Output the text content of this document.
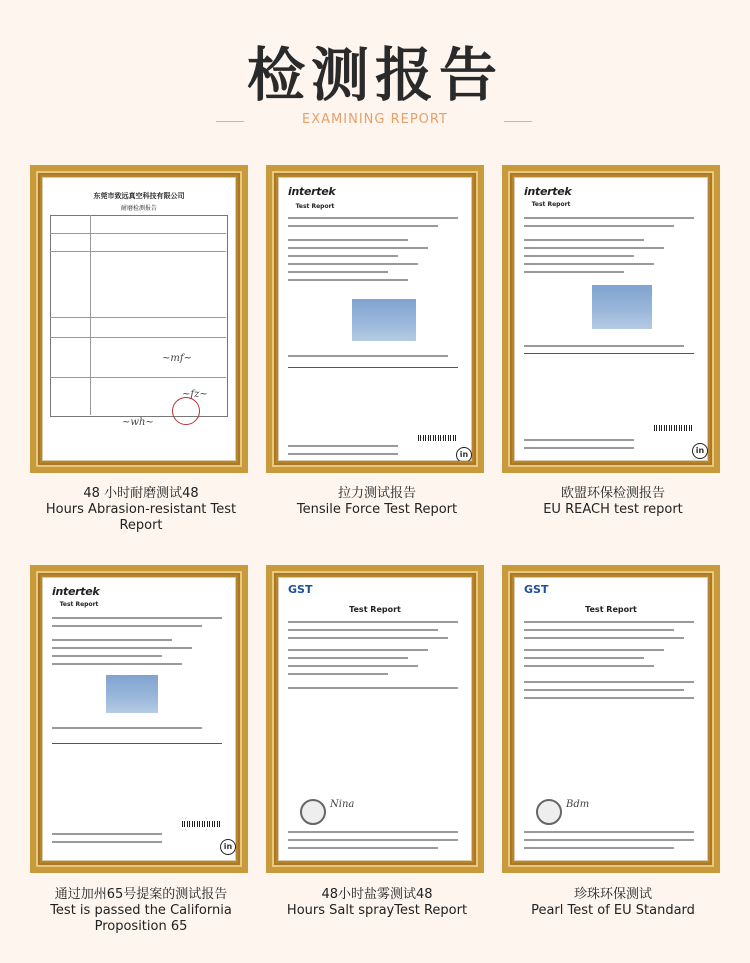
检测报告
EXAMINING REPORT
东莞市致远真空科技有限公司
耐磨检测报告
~mf~
~fz~
~wh~
48 小时耐磨测试48
Hours Abrasion-resistant Test Report
intertek
Test Report
in
拉力测试报告
Tensile Force Test Report
intertek
Test Report
in
欧盟环保检测报告
EU REACH test report
intertek
Test Report
in
通过加州65号提案的测试报告
Test is passed the California Proposition 65
GST
Test Report
Nina
48小时盐雾测试48
Hours Salt sprayTest Report
GST
Test Report
Bdm
珍珠环保测试
Pearl Test of EU Standard
